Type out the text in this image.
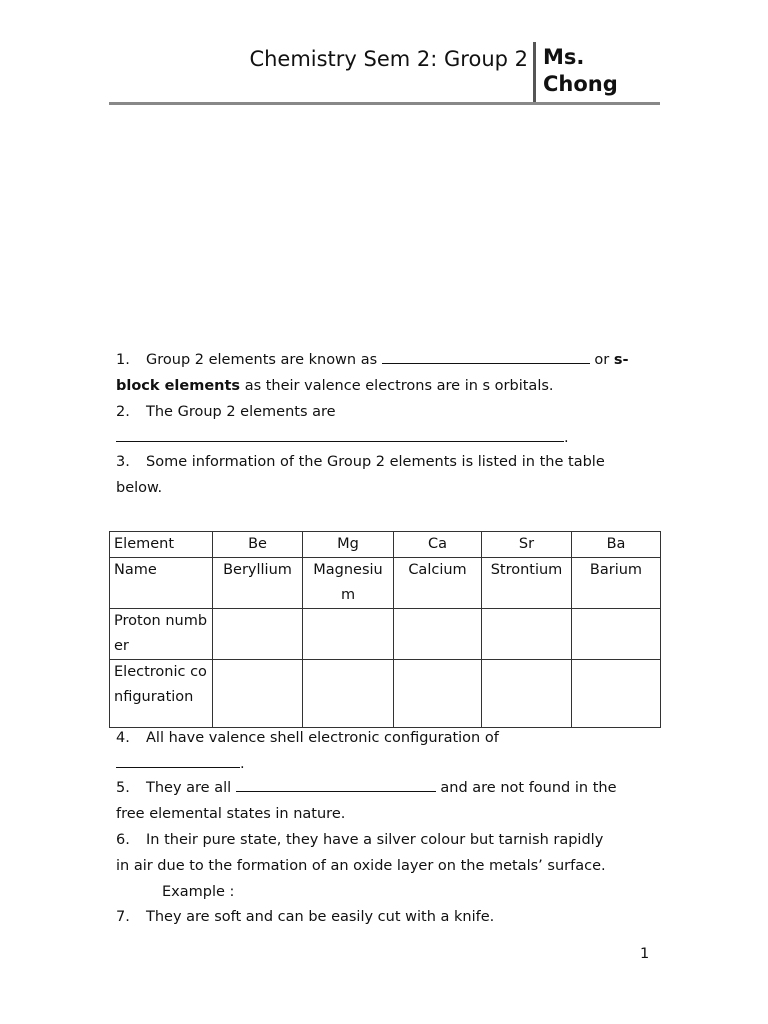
Chemistry Sem 2: Group 2 Ms.
Chong

1. Group 2 elements are known as	or s-
block elements as their valence electrons are in s orbitals.

2. The Group 2 elements are
.

3. Some information of the Group 2 elements is listed in the table
below.

Element	Be	Mg	Ca	Sr	Ba
Name	Beryllium	Magnesium	Calcium	Strontium	Barium
Proton number					
Electronic configuration					

4. All have valence shell electronic configuration of
.

5. They are all	and are not found in the
free elemental states in nature.

6. In their pure state, they have a silver colour but tarnish rapidly
in air due to the formation of an oxide layer on the metals’ surface.
Example :

7. They are soft and can be easily cut with a knife.

1
